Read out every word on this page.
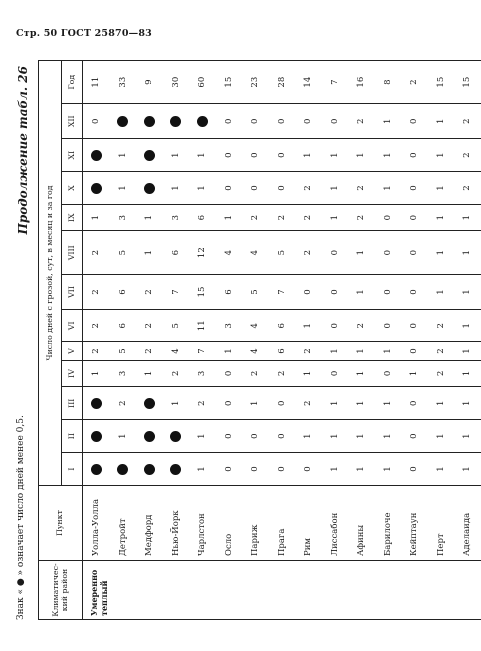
Стр. 50 ГОСТ 25870—83
Продолжение табл. 26
Климатичес- кий район	Пункт	Число дней с грозой, сут, в месяц и за год												
		I	II	III	IV	V	VI	VII	VIII	IX	X	XI	XII	Год
Умеренно теплый	Уолла-Уолла				1	2	2	2	2	1			0	11
	Детройт		1	2	3	5	6	6	5	3	1	1		33
	Медфорд				1	2	2	2	1	1				9
	Нью-Йорк			1	2	4	5	7	6	3	1	1		30
	Чарлстон	1	1	2	3	7	11	15	12	6	1	1		60
	Осло	0	0	0	0	1	3	6	4	1	0	0	0	15
	Париж	0	0	1	2	4	4	5	4	2	0	0	0	23
	Прага	0	0	0	2	6	6	7	5	2	0	0	0	28
	Рим	0	1	2	1	2	1	0	2	2	2	1	0	14
	Лиссабон	1	1	1	0	1	0	0	0	1	1	1	0	7
	Афины	1	1	1	1	1	2	1	1	2	2	1	2	16
	Барилоче	1	1	1	0	1	0	0	0	0	1	1	1	8
	Кейптаун	0	0	0	1	0	0	0	0	0	0	0	0	2
	Перт	1	1	1	2	2	2	1	1	1	1	1	1	15
	Аделаида	1	1	1	1	1	1	1	1	1	2	2	2	15
Знак « ● » означает число дней менее 0,5.
